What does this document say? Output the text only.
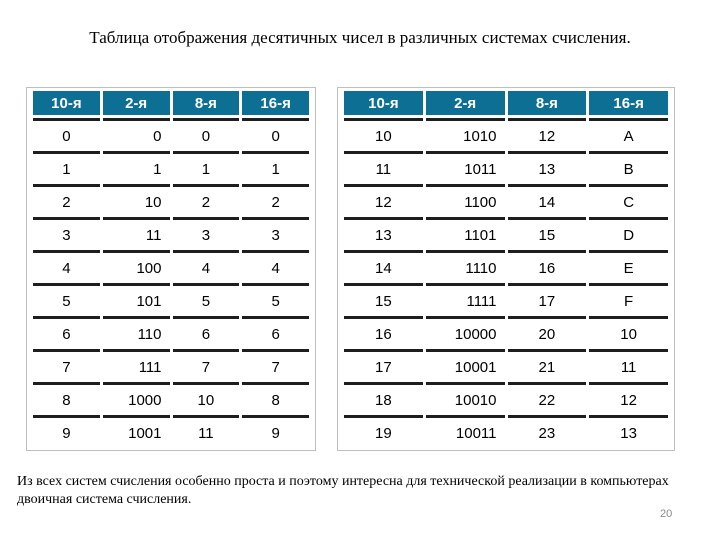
Таблица отображения десятичных чисел в различных системах счисления.
10-я	2-я	8-я	16-я
0	0	0	0
1	1	1	1
2	10	2	2
3	11	3	3
4	100	4	4
5	101	5	5
6	110	6	6
7	111	7	7
8	1000	10	8
9	1001	11	9
10-я	2-я	8-я	16-я
10	1010	12	A
11	1011	13	B
12	1100	14	C
13	1101	15	D
14	1110	16	E
15	1111	17	F
16	10000	20	10
17	10001	21	11
18	10010	22	12
19	10011	23	13
Из всех систем счисления особенно проста и поэтому интересна для технической реализации в компьютерах двоичная система счисления.
20
